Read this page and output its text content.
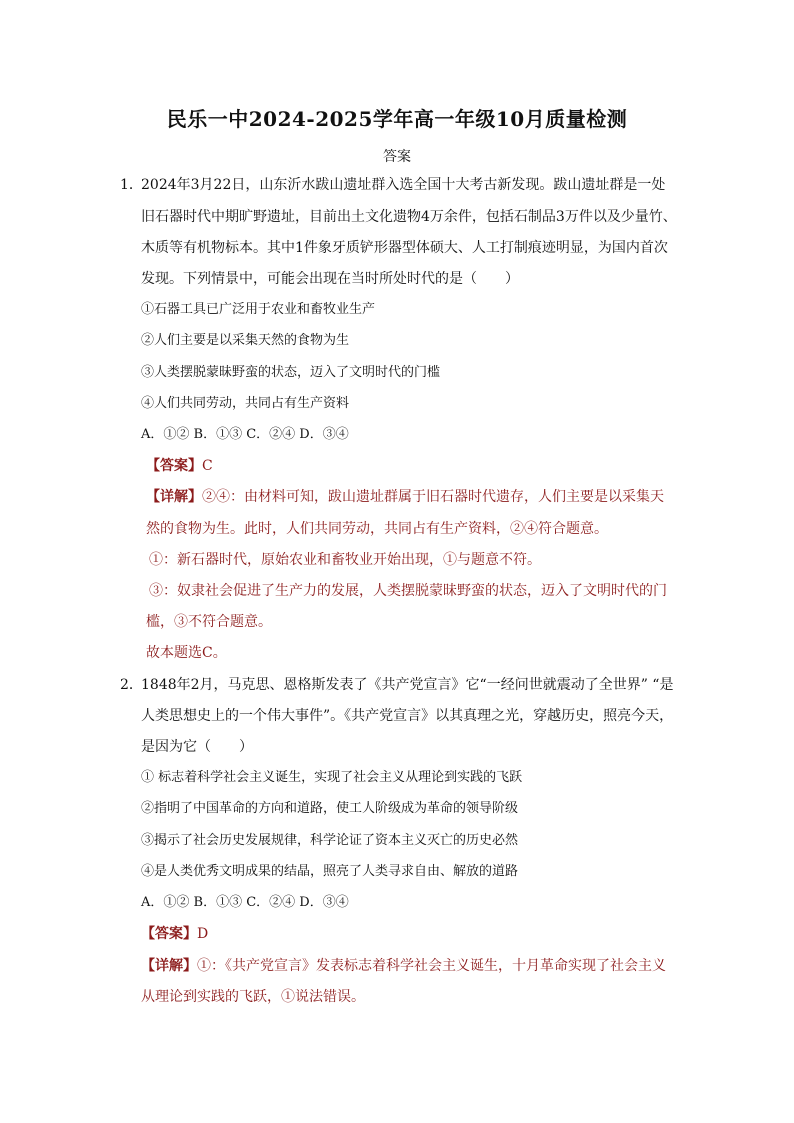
民乐一中2024-2025学年高一年级10月质量检测
答案
1．
2024年3月22日，山东沂水跋山遗址群入选全国十大考古新发现。跋山遗址群是一处
旧石器时代中期旷野遗址，目前出土文化遗物4万余件，包括石制品3万件以及少量竹、
木质等有机物标本。其中1件象牙质铲形器型体硕大、人工打制痕迹明显，为国内首次
发现。下列情景中，可能会出现在当时所处时代的是（　　）
①石器工具已广泛用于农业和畜牧业生产
②人们主要是以采集天然的食物为生
③人类摆脱蒙昧野蛮的状态，迈入了文明时代的门槛
④人们共同劳动，共同占有生产资料
A．①② B．①③ C．②④ D．③④
【答案】C
【详解】②④：由材料可知，跋山遗址群属于旧石器时代遗存，人们主要是以采集天
然的食物为生。此时，人们共同劳动，共同占有生产资料，②④符合题意。
①：新石器时代，原始农业和畜牧业开始出现，①与题意不符。
③：奴隶社会促进了生产力的发展，人类摆脱蒙昧野蛮的状态，迈入了文明时代的门
槛，③不符合题意。
故本题选C。
2．
1848年2月，马克思、恩格斯发表了《共产党宣言》它“一经问世就震动了全世界” “是
人类思想史上的一个伟大事件”。《共产党宣言》以其真理之光，穿越历史，照亮今天，
是因为它（　　）
① 标志着科学社会主义诞生，实现了社会主义从理论到实践的飞跃
②指明了中国革命的方向和道路，使工人阶级成为革命的领导阶级
③揭示了社会历史发展规律，科学论证了资本主义灭亡的历史必然
④是人类优秀文明成果的结晶，照亮了人类寻求自由、解放的道路
A．①② B．①③ C．②④ D．③④
【答案】D
【详解】①：《共产党宣言》发表标志着科学社会主义诞生，十月革命实现了社会主义
从理论到实践的飞跃，①说法错误。
